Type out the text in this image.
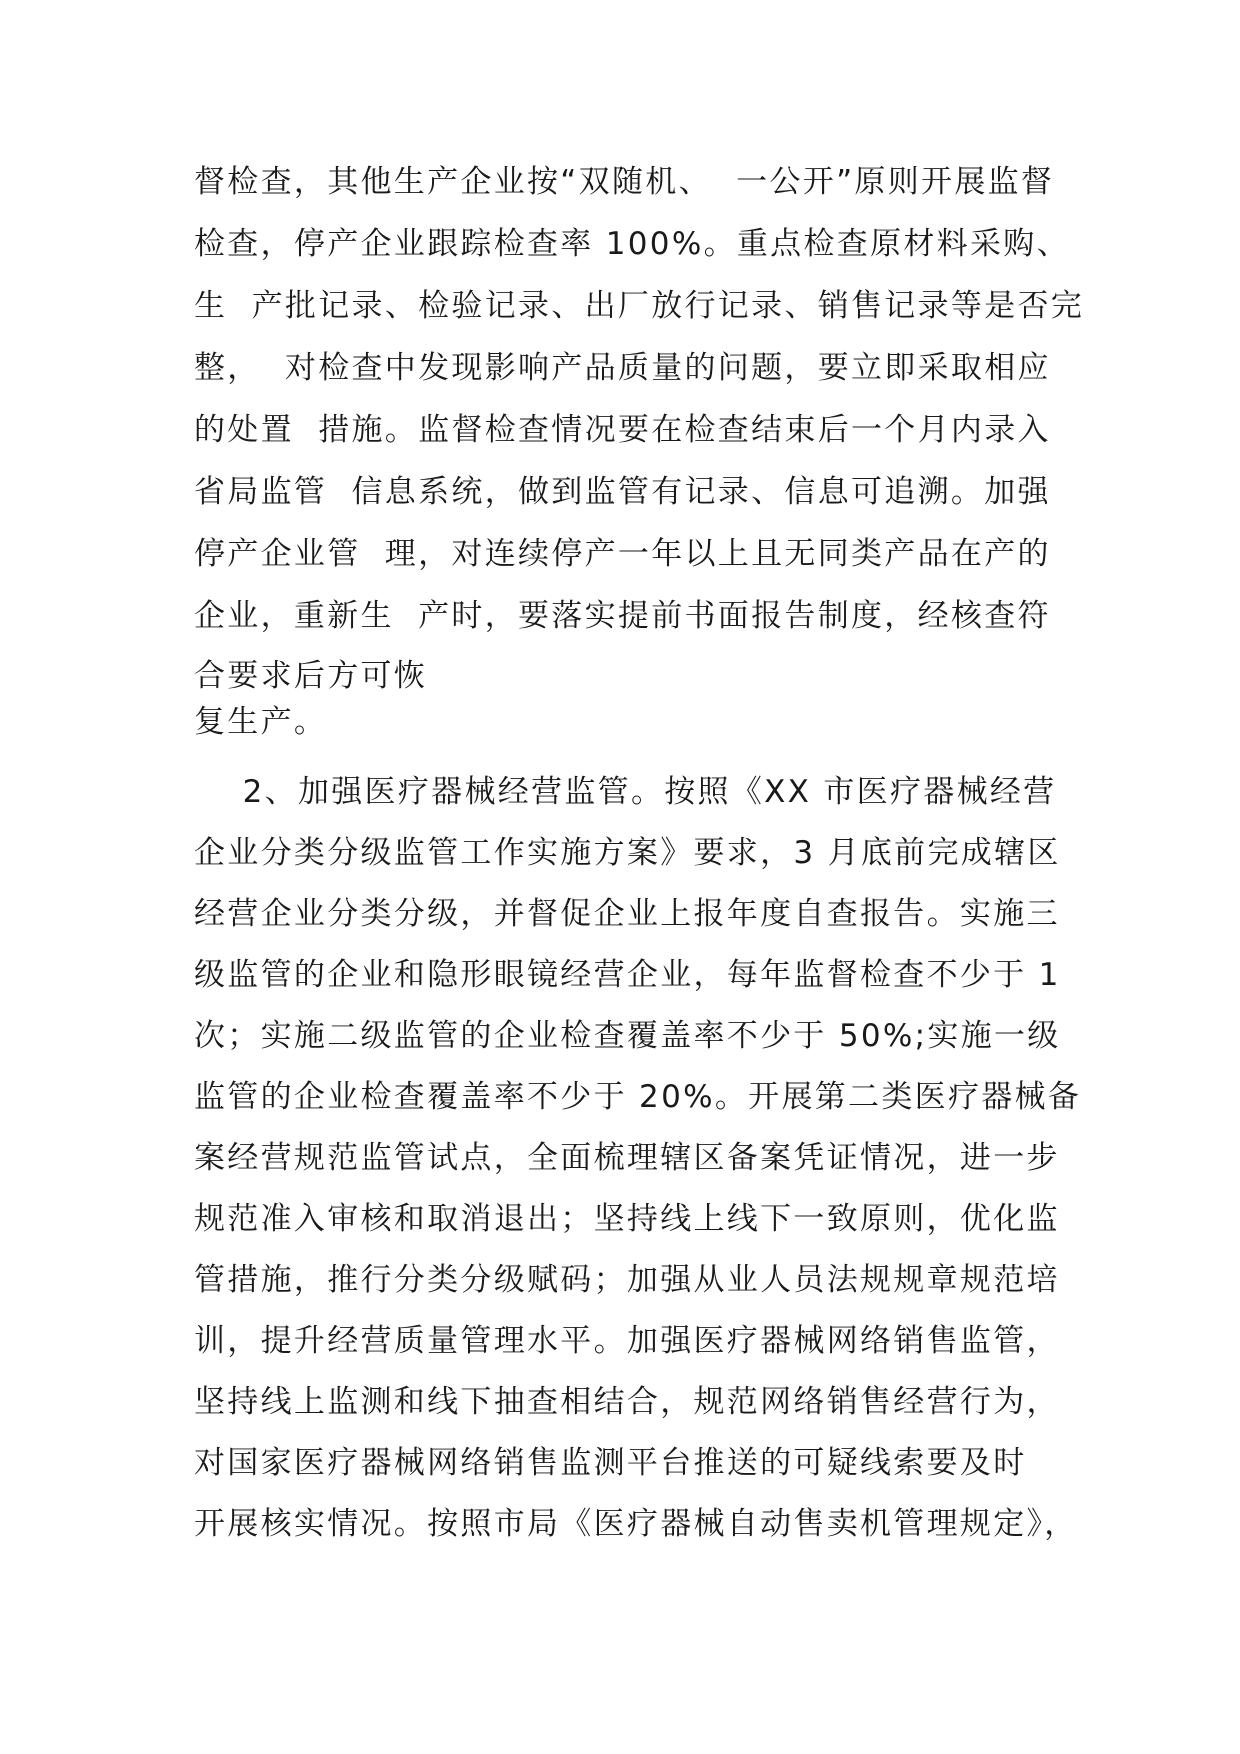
督检查，其他生产企业按“双随机、  一公开”原则开展监督
检查，停产企业跟踪检查率 100%。重点检查原材料采购、
生  产批记录、检验记录、出厂放行记录、销售记录等是否完
整，  对检查中发现影响产品质量的问题，要立即采取相应
的处置  措施。监督检查情况要在检查结束后一个月内录入
省局监管  信息系统，做到监管有记录、信息可追溯。加强
停产企业管  理，对连续停产一年以上且无同类产品在产的
企业，重新生  产时，要落实提前书面报告制度，经核查符
合要求后方可恢
复生产。
2、加强医疗器械经营监管。按照《XX 市医疗器械经营
企业分类分级监管工作实施方案》要求，3 月底前完成辖区
经营企业分类分级，并督促企业上报年度自查报告。实施三
级监管的企业和隐形眼镜经营企业，每年监督检查不少于 1
次；实施二级监管的企业检查覆盖率不少于 50%;实施一级
监管的企业检查覆盖率不少于 20%。开展第二类医疗器械备
案经营规范监管试点，全面梳理辖区备案凭证情况，进一步
规范准入审核和取消退出；坚持线上线下一致原则，优化监
管措施，推行分类分级赋码；加强从业人员法规规章规范培
训，提升经营质量管理水平。加强医疗器械网络销售监管，
坚持线上监测和线下抽查相结合，规范网络销售经营行为，
对国家医疗器械网络销售监测平台推送的可疑线索要及时
开展核实情况。按照市局《医疗器械自动售卖机管理规定》，
